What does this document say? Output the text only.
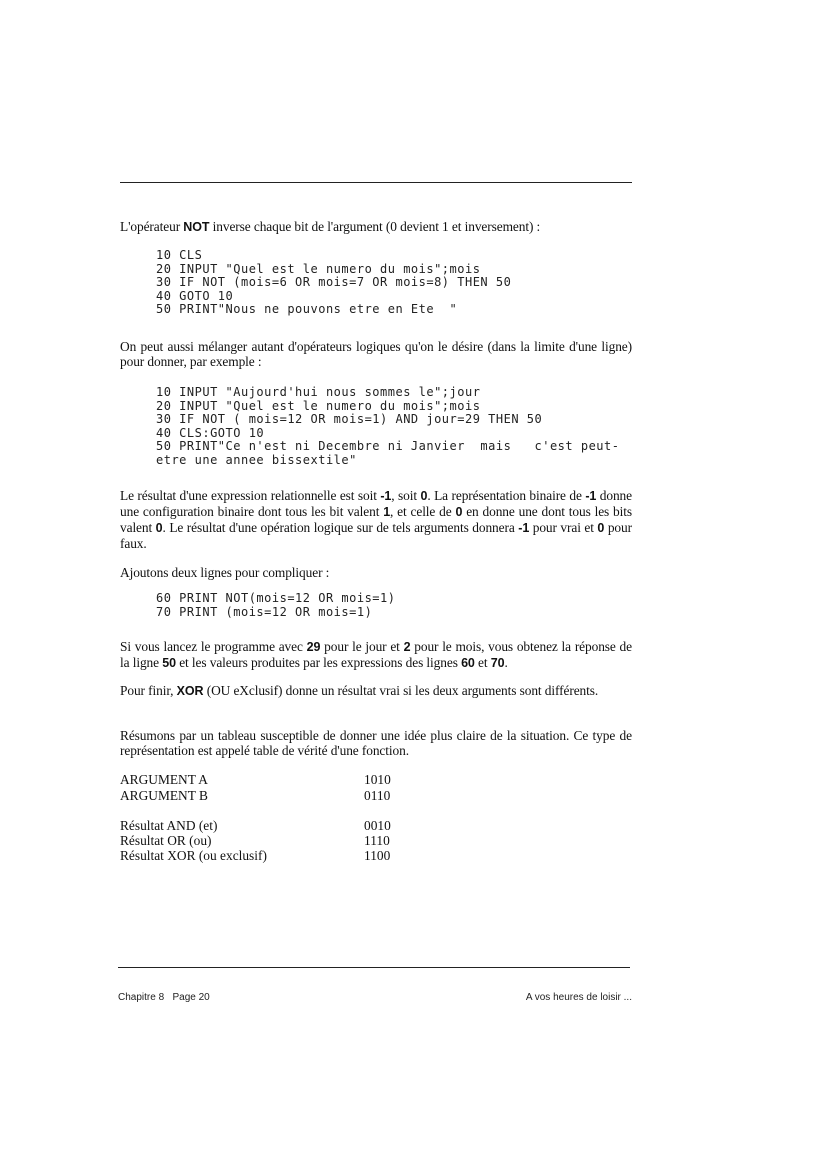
L'opérateur NOT inverse chaque bit de l'argument (0 devient 1 et inversement) :

10 CLS
20 INPUT "Quel est le numero du mois";mois
30 IF NOT (mois=6 OR mois=7 OR mois=8) THEN 50
40 GOTO 10
50 PRINT"Nous ne pouvons etre en Ete  "

On peut aussi mélanger autant d'opérateurs logiques qu'on le désire (dans la limite d'une ligne) pour donner, par exemple :

10 INPUT "Aujourd'hui nous sommes le";jour
20 INPUT "Quel est le numero du mois";mois
30 IF NOT ( mois=12 OR mois=1) AND jour=29 THEN 50
40 CLS:GOTO 10
50 PRINT"Ce n'est ni Decembre ni Janvier  mais   c'est peut-
etre une annee bissextile"

Le résultat d'une expression relationnelle est soit -1, soit 0. La représentation binaire de -1 donne une configuration binaire dont tous les bit valent 1, et celle de 0 en donne une dont tous les bits valent 0. Le résultat d'une opération logique sur de tels arguments donnera -1 pour vrai et 0 pour faux.

Ajoutons deux lignes pour compliquer :

60 PRINT NOT(mois=12 OR mois=1)
70 PRINT (mois=12 OR mois=1)

Si vous lancez le programme avec 29 pour le jour et 2 pour le mois, vous obtenez la réponse de la ligne 50 et les valeurs produites par les expressions des lignes 60 et 70.

Pour finir, XOR (OU eXclusif) donne un résultat vrai si les deux arguments sont différents.

Résumons par un tableau susceptible de donner une idée plus claire de la situation. Ce type de représentation est appelé table de vérité d'une fonction.

ARGUMENT A	1010
ARGUMENT B	0110
Résultat AND (et)	0010
Résultat OR (ou)	1110
Résultat XOR (ou exclusif)	1100
Chapitre 8   Page 20	A vos heures de loisir ...
